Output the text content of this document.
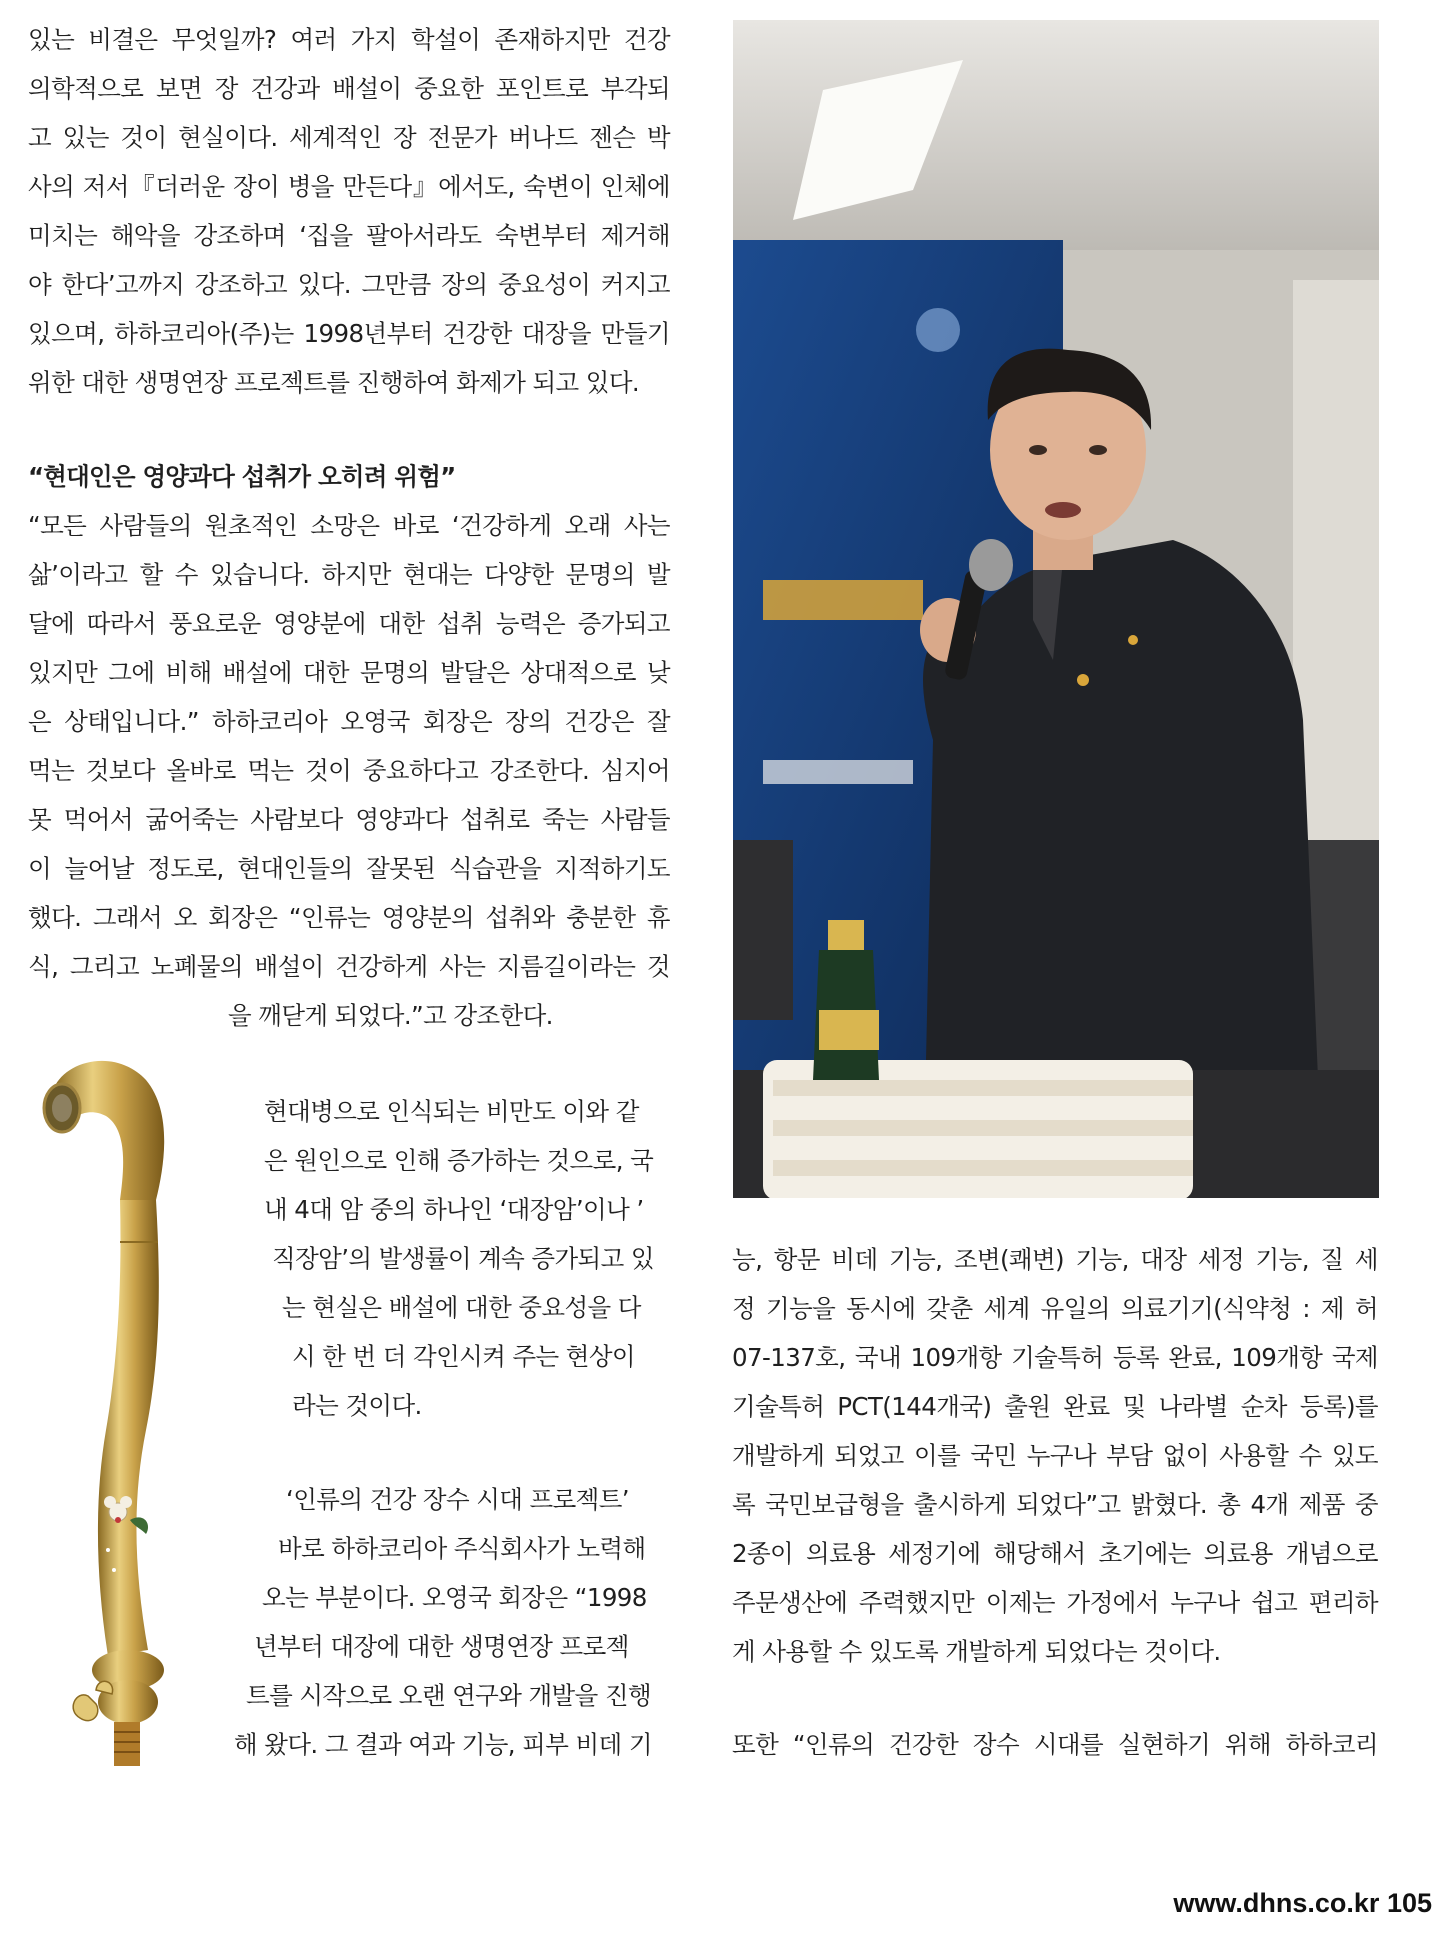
있는 비결은 무엇일까? 여러 가지 학설이 존재하지만 건강
의학적으로 보면 장 건강과 배설이 중요한 포인트로 부각되
고 있는 것이 현실이다. 세계적인 장 전문가 버나드 젠슨 박
사의 저서『더러운 장이 병을 만든다』에서도, 숙변이 인체에
미치는 해악을 강조하며 ‘집을 팔아서라도 숙변부터 제거해
야 한다’고까지 강조하고 있다. 그만큼 장의 중요성이 커지고
있으며, 하하코리아(주)는 1998년부터 건강한 대장을 만들기
위한 대한 생명연장 프로젝트를 진행하여 화제가 되고 있다.
“현대인은 영양과다 섭취가 오히려 위험”
“모든 사람들의 원초적인 소망은 바로 ‘건강하게 오래 사는
삶’이라고 할 수 있습니다. 하지만 현대는 다양한 문명의 발
달에 따라서 풍요로운 영양분에 대한 섭취 능력은 증가되고
있지만 그에 비해 배설에 대한 문명의 발달은 상대적으로 낮
은 상태입니다.” 하하코리아 오영국 회장은 장의 건강은 잘
먹는 것보다 올바로 먹는 것이 중요하다고 강조한다. 심지어
못 먹어서 굶어죽는 사람보다 영양과다 섭취로 죽는 사람들
이 늘어날 정도로, 현대인들의 잘못된 식습관을 지적하기도
했다. 그래서 오 회장은 “인류는 영양분의 섭취와 충분한 휴
식, 그리고 노폐물의 배설이 건강하게 사는 지름길이라는 것
을 깨닫게 되었다.”고 강조한다.
현대병으로 인식되는 비만도 이와 같
은 원인으로 인해 증가하는 것으로, 국
내 4대 암 중의 하나인 ‘대장암’이나 ’
직장암’의 발생률이 계속 증가되고 있
는 현실은 배설에 대한 중요성을 다
시 한 번 더 각인시켜 주는 현상이
라는 것이다.
‘인류의 건강 장수 시대 프로젝트’
바로 하하코리아 주식회사가 노력해
오는 부분이다. 오영국 회장은 “1998
년부터 대장에 대한 생명연장 프로젝
트를 시작으로 오랜 연구와 개발을 진행
해 왔다. 그 결과 여과 기능, 피부 비데 기
능, 항문 비데 기능, 조변(쾌변) 기능, 대장 세정 기능, 질 세
정 기능을 동시에 갖춘 세계 유일의 의료기기(식약청 : 제 허
07-137호, 국내 109개항 기술특허 등록 완료, 109개항 국제
기술특허 PCT(144개국) 출원 완료 및 나라별 순차 등록)를
개발하게 되었고 이를 국민 누구나 부담 없이 사용할 수 있도
록 국민보급형을 출시하게 되었다”고 밝혔다. 총 4개 제품 중
2종이 의료용 세정기에 해당해서 초기에는 의료용 개념으로
주문생산에 주력했지만 이제는 가정에서 누구나 쉽고 편리하
게 사용할 수 있도록 개발하게 되었다는 것이다.
또한 “인류의 건강한 장수 시대를 실현하기 위해 하하코리
www.dhns.co.kr 105
